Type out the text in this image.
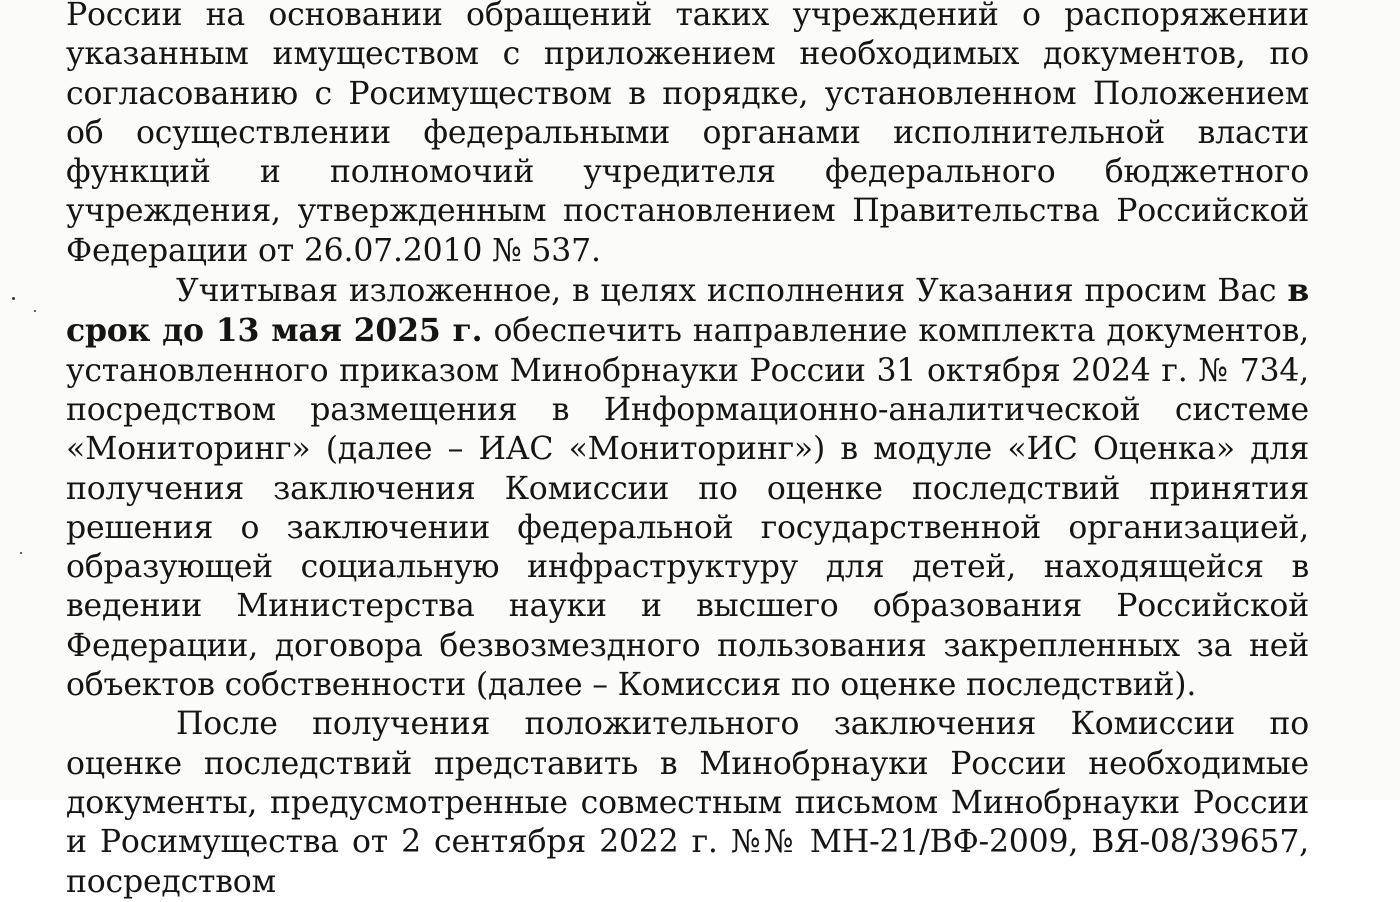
России на основании обращений таких учреждений о распоряжении указанным имуществом с приложением необходимых документов, по согласованию с Росимуществом в порядке, установленном Положением об осуществлении федеральными органами исполнительной власти функций и полномочий учредителя федерального бюджетного учреждения, утвержденным постановлением Правительства Российской Федерации от 26.07.2010 № 537.

Учитывая изложенное, в целях исполнения Указания просим Вас в срок до 13 мая 2025 г. обеспечить направление комплекта документов, установленного приказом Минобрнауки России 31 октября 2024 г. № 734, посредством размещения в Информационно-аналитической системе «Мониторинг» (далее – ИАС «Мониторинг») в модуле «ИС Оценка» для получения заключения Комиссии по оценке последствий принятия решения о заключении федеральной государственной организацией, образующей социальную инфраструктуру для детей, находящейся в ведении Министерства науки и высшего образования Российской Федерации, договора безвозмездного пользования закрепленных за ней объектов собственности (далее – Комиссия по оценке последствий).

После получения положительного заключения Комиссии по оценке последствий представить в Минобрнауки России необходимые документы, предусмотренные совместным письмом Минобрнауки России и Росимущества от 2 сентября 2022 г. №№ МН-21/ВФ-2009, ВЯ-08/39657, посредством
